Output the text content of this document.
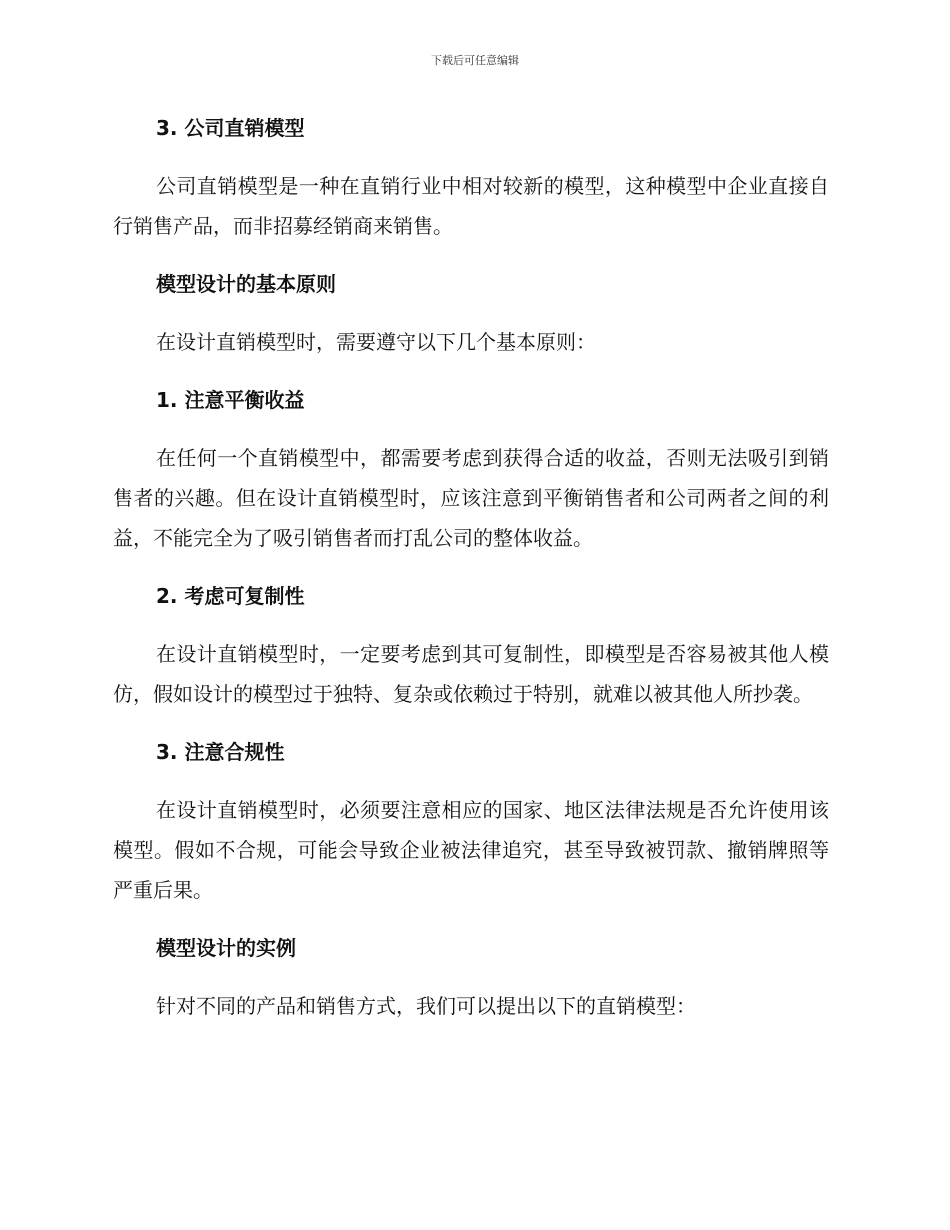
下载后可任意编辑
3. 公司直销模型

公司直销模型是一种在直销行业中相对较新的模型，这种模型中企业直接自行销售产品，而非招募经销商来销售。

模型设计的基本原则

在设计直销模型时，需要遵守以下几个基本原则：

1. 注意平衡收益

在任何一个直销模型中，都需要考虑到获得合适的收益，否则无法吸引到销售者的兴趣。但在设计直销模型时，应该注意到平衡销售者和公司两者之间的利益，不能完全为了吸引销售者而打乱公司的整体收益。

2. 考虑可复制性

在设计直销模型时，一定要考虑到其可复制性，即模型是否容易被其他人模仿，假如设计的模型过于独特、复杂或依赖过于特别，就难以被其他人所抄袭。

3. 注意合规性

在设计直销模型时，必须要注意相应的国家、地区法律法规是否允许使用该模型。假如不合规，可能会导致企业被法律追究，甚至导致被罚款、撤销牌照等严重后果。

模型设计的实例

针对不同的产品和销售方式，我们可以提出以下的直销模型：
